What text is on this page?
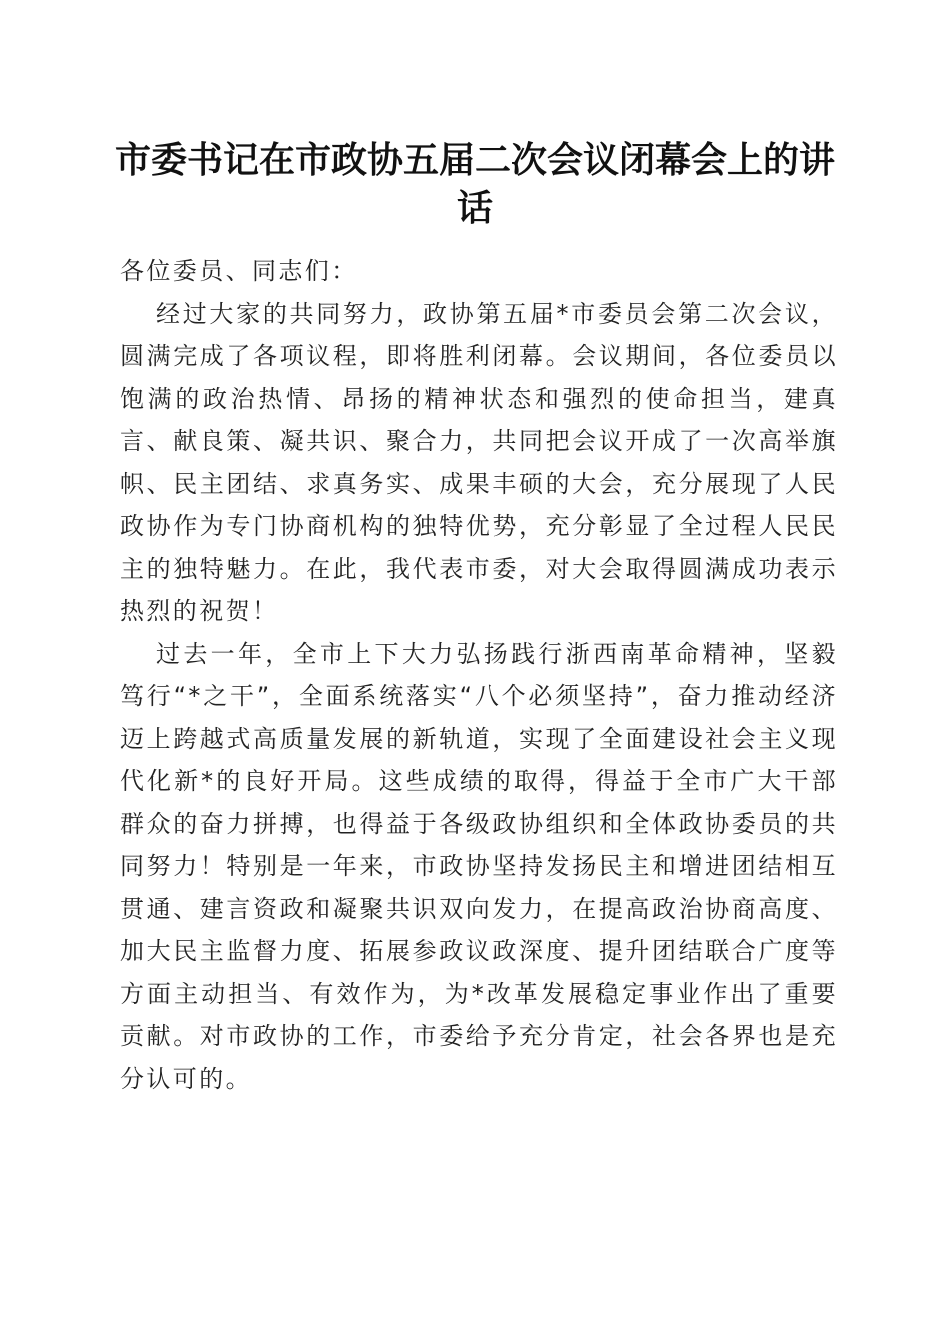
市委书记在市政协五届二次会议闭幕会上的讲话

各位委员、同志们：

经过大家的共同努力，政协第五届*市委员会第二次会议，圆满完成了各项议程，即将胜利闭幕。会议期间，各位委员以饱满的政治热情、昂扬的精神状态和强烈的使命担当，建真言、献良策、凝共识、聚合力，共同把会议开成了一次高举旗帜、民主团结、求真务实、成果丰硕的大会，充分展现了人民政协作为专门协商机构的独特优势，充分彰显了全过程人民民主的独特魅力。在此，我代表市委，对大会取得圆满成功表示热烈的祝贺！

过去一年，全市上下大力弘扬践行浙西南革命精神，坚毅笃行“*之干”，全面系统落实“八个必须坚持”，奋力推动经济迈上跨越式高质量发展的新轨道，实现了全面建设社会主义现代化新*的良好开局。这些成绩的取得，得益于全市广大干部群众的奋力拼搏，也得益于各级政协组织和全体政协委员的共同努力！特别是一年来，市政协坚持发扬民主和增进团结相互贯通、建言资政和凝聚共识双向发力，在提高政治协商高度、加大民主监督力度、拓展参政议政深度、提升团结联合广度等方面主动担当、有效作为，为*改革发展稳定事业作出了重要贡献。对市政协的工作，市委给予充分肯定，社会各界也是充分认可的。
